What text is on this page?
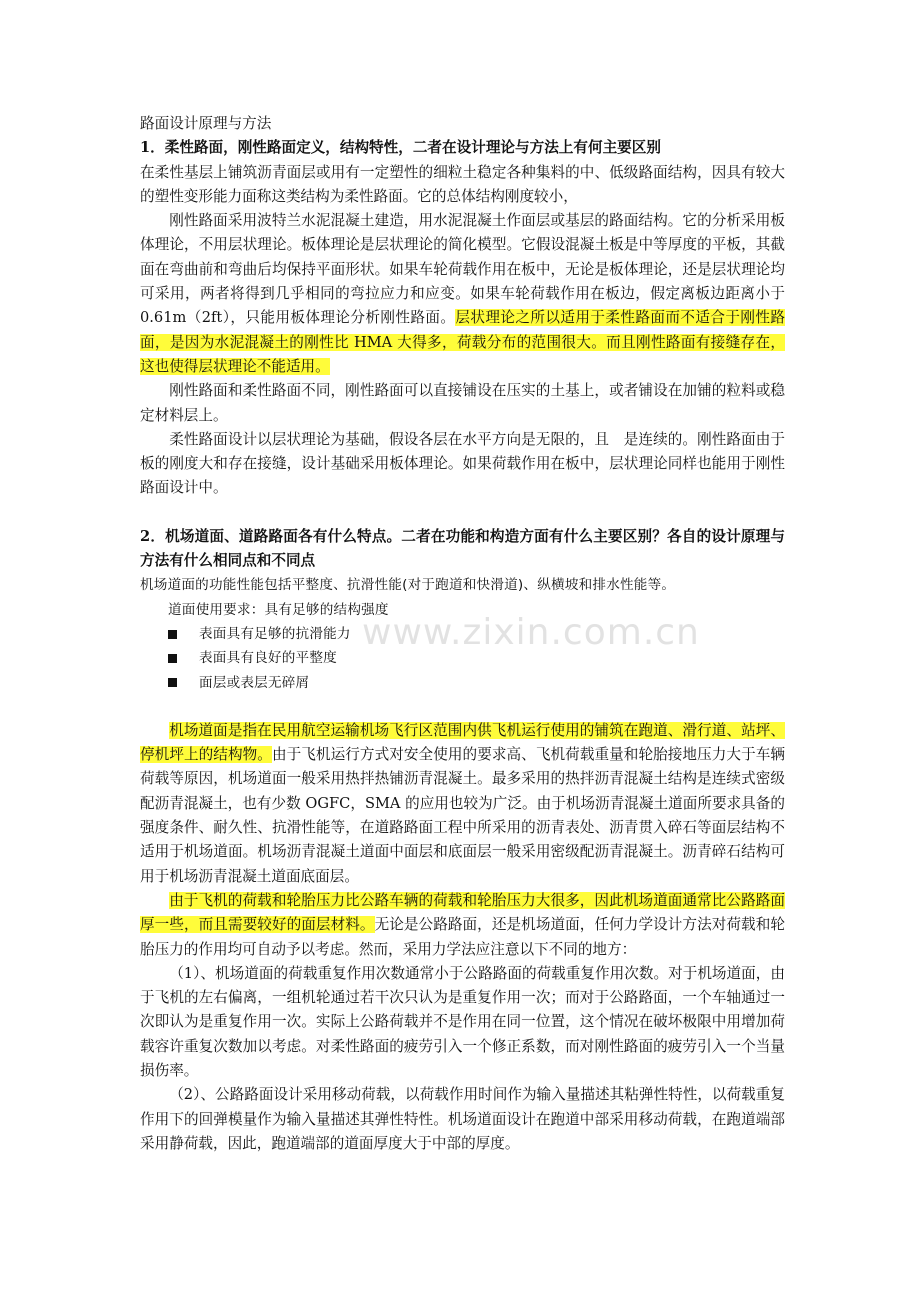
路面设计原理与方法

1．柔性路面，刚性路面定义，结构特性，二者在设计理论与方法上有何主要区别

在柔性基层上铺筑沥青面层或用有一定塑性的细粒土稳定各种集料的中、低级路面结构，因具有较大的塑性变形能力面称这类结构为柔性路面。它的总体结构刚度较小，

刚性路面采用波特兰水泥混凝土建造，用水泥混凝土作面层或基层的路面结构。它的分析采用板体理论，不用层状理论。板体理论是层状理论的简化模型。它假设混凝土板是中等厚度的平板，其截面在弯曲前和弯曲后均保持平面形状。如果车轮荷载作用在板中，无论是板体理论，还是层状理论均可采用，两者将得到几乎相同的弯拉应力和应变。如果车轮荷载作用在板边，假定离板边距离小于 0.61m（2ft），只能用板体理论分析刚性路面。层状理论之所以适用于柔性路面而不适合于刚性路面，是因为水泥混凝土的刚性比 HMA 大得多，荷载分布的范围很大。而且刚性路面有接缝存在，这也使得层状理论不能适用。

刚性路面和柔性路面不同，刚性路面可以直接铺设在压实的土基上，或者铺设在加铺的粒料或稳定材料层上。

柔性路面设计以层状理论为基础，假设各层在水平方向是无限的，且　是连续的。刚性路面由于板的刚度大和存在接缝，设计基础采用板体理论。如果荷载作用在板中，层状理论同样也能用于刚性路面设计中。

2．机场道面、道路路面各有什么特点。二者在功能和构造方面有什么主要区别？各自的设计原理与方法有什么相同点和不同点

机场道面的功能性能包括平整度、抗滑性能(对于跑道和快滑道)、纵横坡和排水性能等。

道面使用要求：具有足够的结构强度

表面具有足够的抗滑能力
表面具有良好的平整度
面层或表层无碎屑

机场道面是指在民用航空运输机场飞行区范围内供飞机运行使用的铺筑在跑道、滑行道、站坪、停机坪上的结构物。由于飞机运行方式对安全使用的要求高、飞机荷载重量和轮胎接地压力大于车辆荷载等原因，机场道面一般采用热拌热铺沥青混凝土。最多采用的热拌沥青混凝土结构是连续式密级配沥青混凝土，也有少数 OGFC，SMA 的应用也较为广泛。由于机场沥青混凝土道面所要求具备的强度条件、耐久性、抗滑性能等，在道路路面工程中所采用的沥青表处、沥青贯入碎石等面层结构不适用于机场道面。机场沥青混凝土道面中面层和底面层一般采用密级配沥青混凝土。沥青碎石结构可用于机场沥青混凝土道面底面层。

由于飞机的荷载和轮胎压力比公路车辆的荷载和轮胎压力大很多，因此机场道面通常比公路路面厚一些，而且需要较好的面层材料。无论是公路路面，还是机场道面，任何力学设计方法对荷载和轮胎压力的作用均可自动予以考虑。然而，采用力学法应注意以下不同的地方：

（1）、机场道面的荷载重复作用次数通常小于公路路面的荷载重复作用次数。对于机场道面，由于飞机的左右偏离，一组机轮通过若干次只认为是重复作用一次；而对于公路路面，一个车轴通过一次即认为是重复作用一次。实际上公路荷载并不是作用在同一位置，这个情况在破坏极限中用增加荷载容许重复次数加以考虑。对柔性路面的疲劳引入一个修正系数，而对刚性路面的疲劳引入一个当量损伤率。

（2）、公路路面设计采用移动荷载，以荷载作用时间作为输入量描述其粘弹性特性，以荷载重复作用下的回弹模量作为输入量描述其弹性特性。机场道面设计在跑道中部采用移动荷载，在跑道端部采用静荷载，因此，跑道端部的道面厚度大于中部的厚度。

www.zixin.com.cn
